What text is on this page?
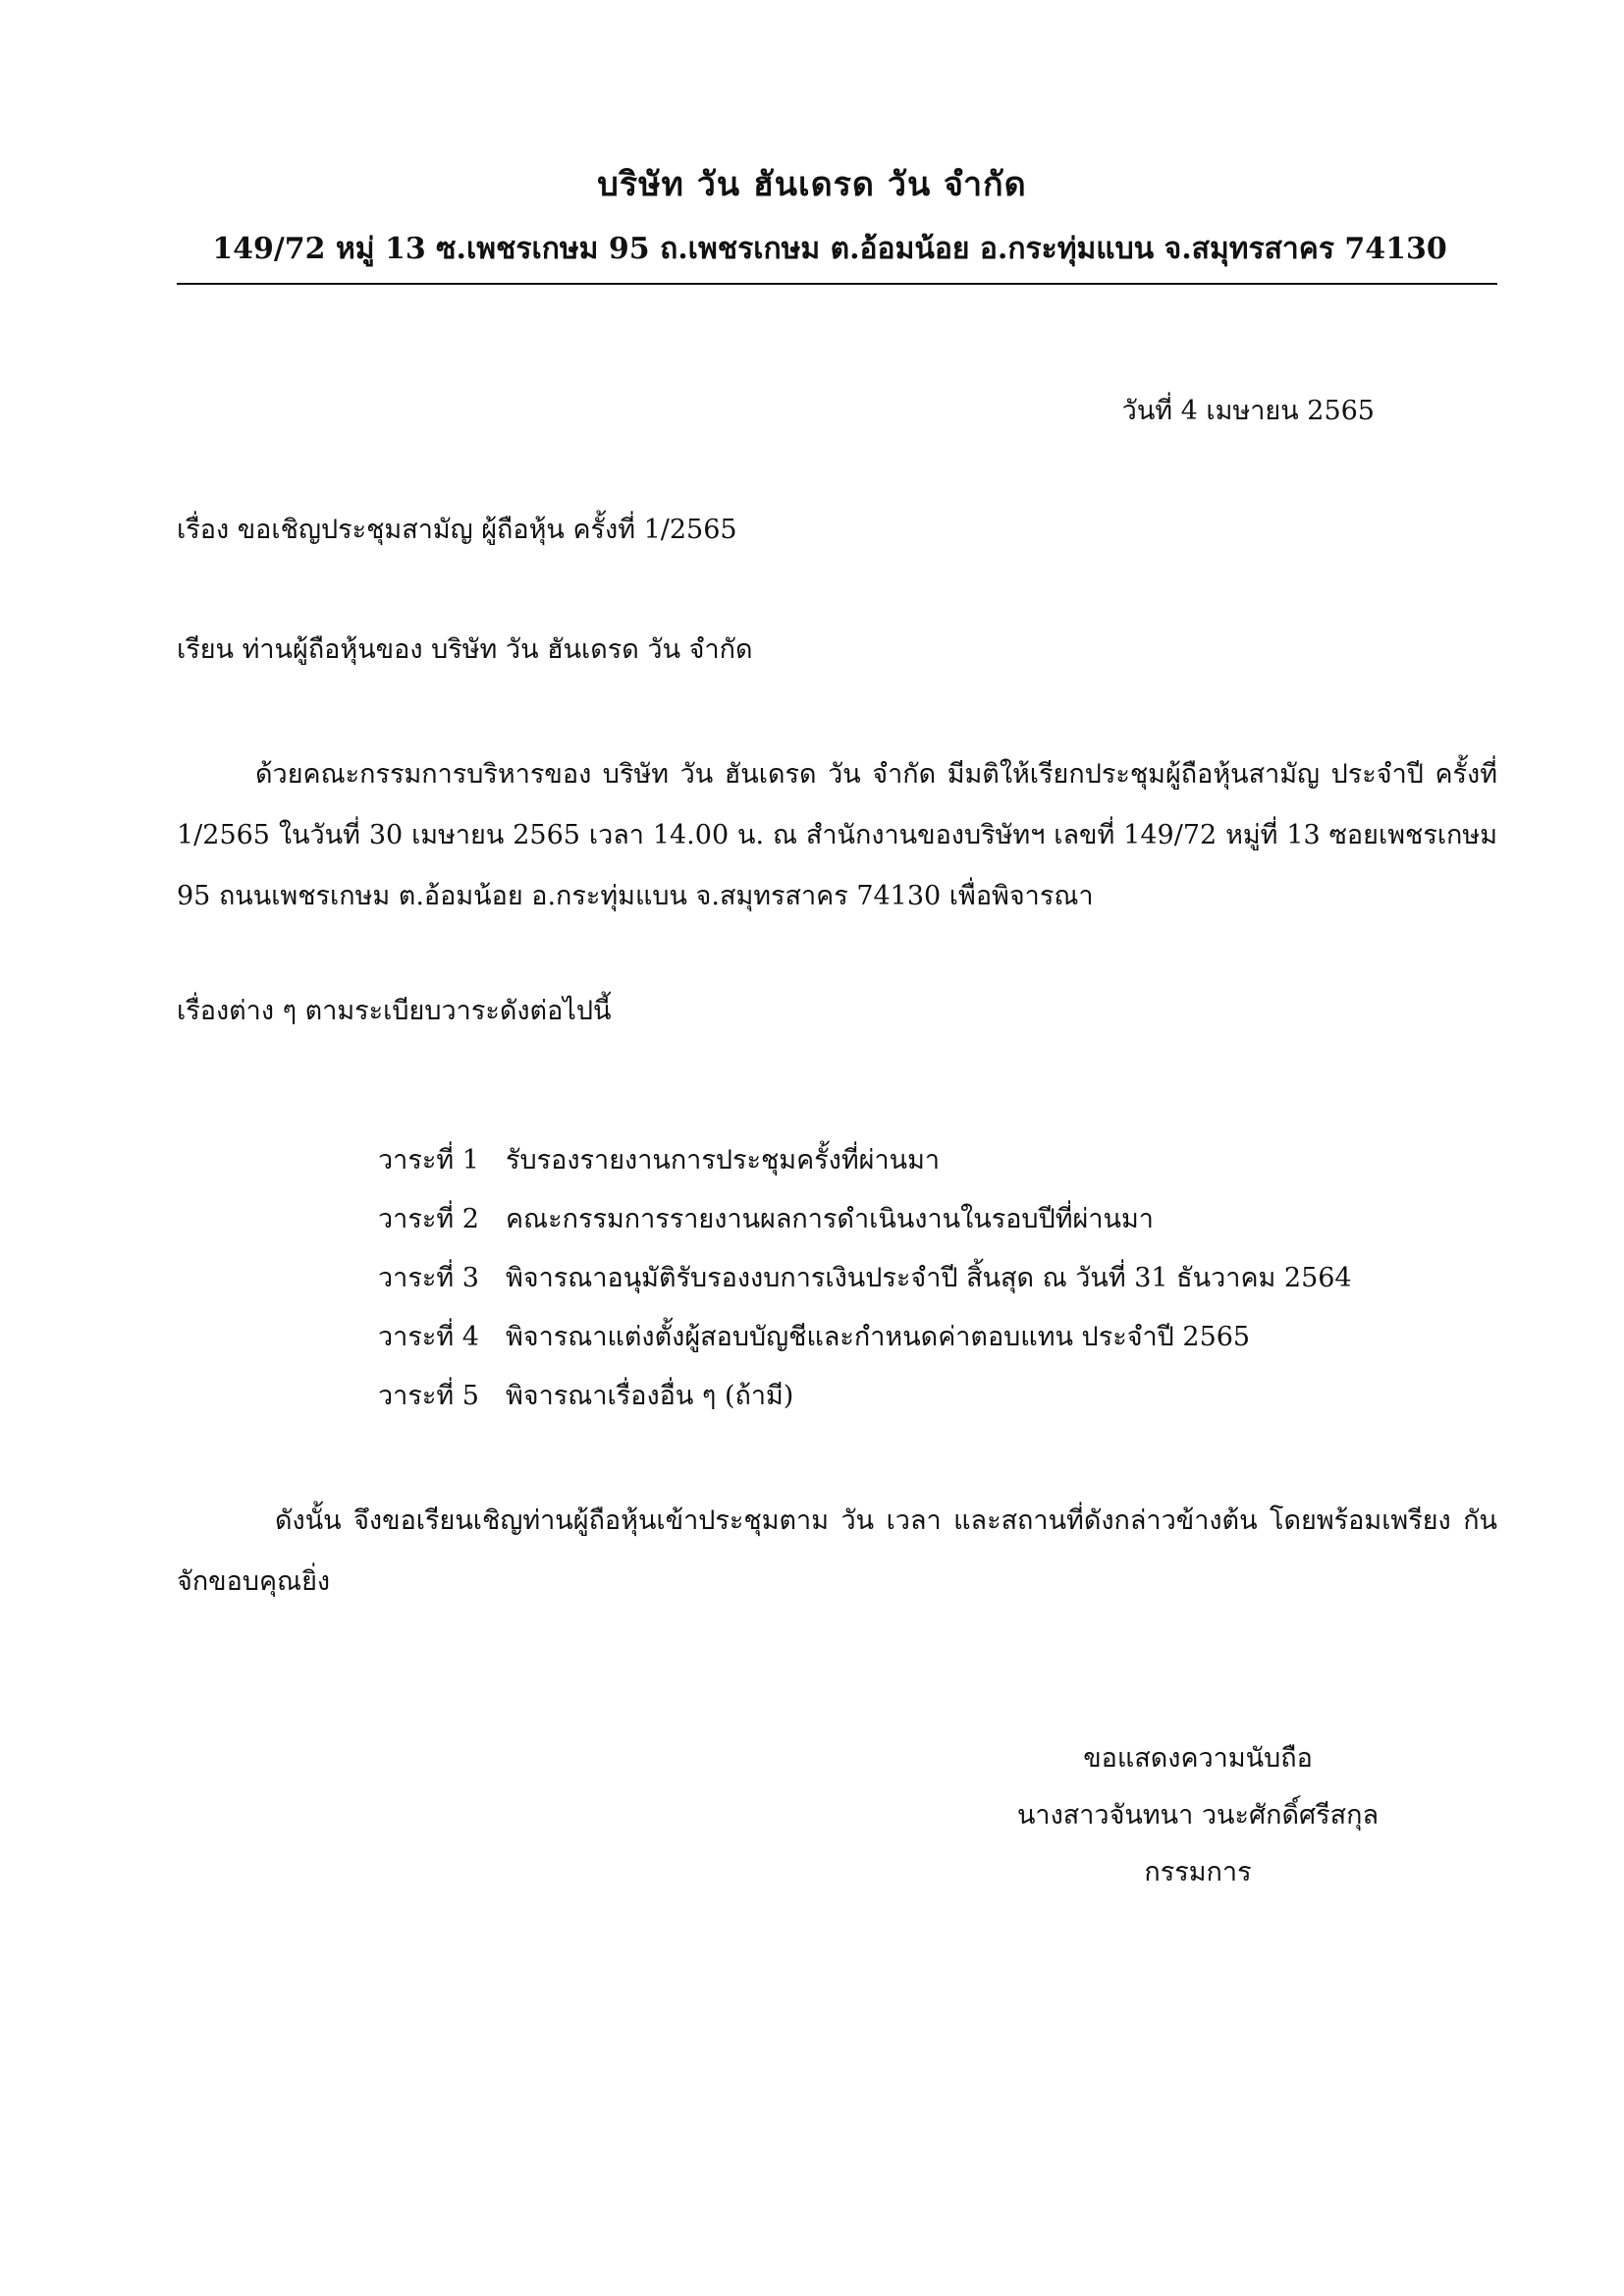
บริษัท วัน ฮันเดรด วัน จำกัด
149/72 หมู่ 13 ซ.เพชรเกษม 95 ถ.เพชรเกษม ต.อ้อมน้อย อ.กระทุ่มแบน จ.สมุทรสาคร 74130
วันที่ 4 เมษายน 2565
เรื่อง ขอเชิญประชุมสามัญ ผู้ถือหุ้น ครั้งที่ 1/2565
เรียน ท่านผู้ถือหุ้นของ บริษัท วัน ฮันเดรด วัน จำกัด
ด้วยคณะกรรมการบริหารของ บริษัท วัน ฮันเดรด วัน จำกัด มีมติให้เรียกประชุมผู้ถือหุ้นสามัญ ประจำปี ครั้งที่ 1/2565 ในวันที่ 30 เมษายน 2565 เวลา 14.00 น. ณ สำนักงานของบริษัทฯ เลขที่ 149/72 หมู่ที่ 13 ซอยเพชรเกษม 95 ถนนเพชรเกษม ต.อ้อมน้อย อ.กระทุ่มแบน จ.สมุทรสาคร 74130 เพื่อพิจารณา
เรื่องต่าง ๆ ตามระเบียบวาระดังต่อไปนี้
วาระที่ 1	รับรองรายงานการประชุมครั้งที่ผ่านมา
วาระที่ 2	คณะกรรมการรายงานผลการดำเนินงานในรอบปีที่ผ่านมา
วาระที่ 3	พิจารณาอนุมัติรับรองงบการเงินประจำปี สิ้นสุด ณ วันที่ 31 ธันวาคม 2564
วาระที่ 4	พิจารณาแต่งตั้งผู้สอบบัญชีและกำหนดค่าตอบแทน ประจำปี 2565
วาระที่ 5	พิจารณาเรื่องอื่น ๆ (ถ้ามี)
ดังนั้น จึงขอเรียนเชิญท่านผู้ถือหุ้นเข้าประชุมตาม วัน เวลา และสถานที่ดังกล่าวข้างต้น โดยพร้อมเพรียง กันจักขอบคุณยิ่ง
ขอแสดงความนับถือ
นางสาวจันทนา วนะศักดิ์ศรีสกุล
กรรมการ
